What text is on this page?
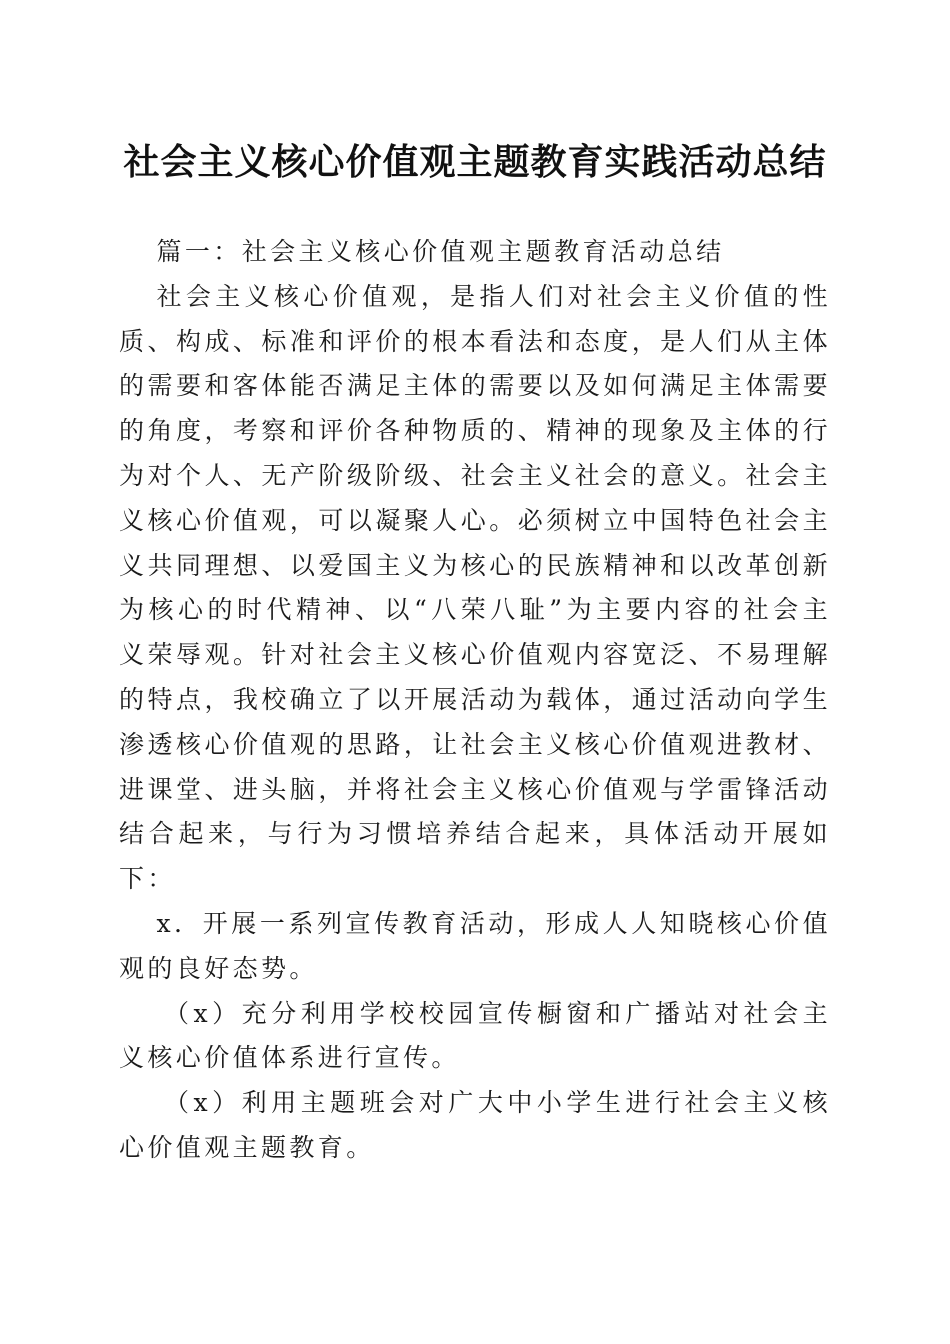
社会主义核心价值观主题教育实践活动总结

篇一：社会主义核心价值观主题教育活动总结

社会主义核心价值观，是指人们对社会主义价值的性质、构成、标准和评价的根本看法和态度，是人们从主体的需要和客体能否满足主体的需要以及如何满足主体需要的角度，考察和评价各种物质的、精神的现象及主体的行为对个人、无产阶级阶级、社会主义社会的意义。社会主义核心价值观，可以凝聚人心。必须树立中国特色社会主义共同理想、以爱国主义为核心的民族精神和以改革创新为核心的时代精神、以“八荣八耻”为主要内容的社会主义荣辱观。针对社会主义核心价值观内容宽泛、不易理解的特点，我校确立了以开展活动为载体，通过活动向学生渗透核心价值观的思路，让社会主义核心价值观进教材、进课堂、进头脑，并将社会主义核心价值观与学雷锋活动结合起来，与行为习惯培养结合起来，具体活动开展如下：

x．开展一系列宣传教育活动，形成人人知晓核心价值观的良好态势。

（x）充分利用学校校园宣传橱窗和广播站对社会主义核心价值体系进行宣传。

（x）利用主题班会对广大中小学生进行社会主义核心价值观主题教育。
